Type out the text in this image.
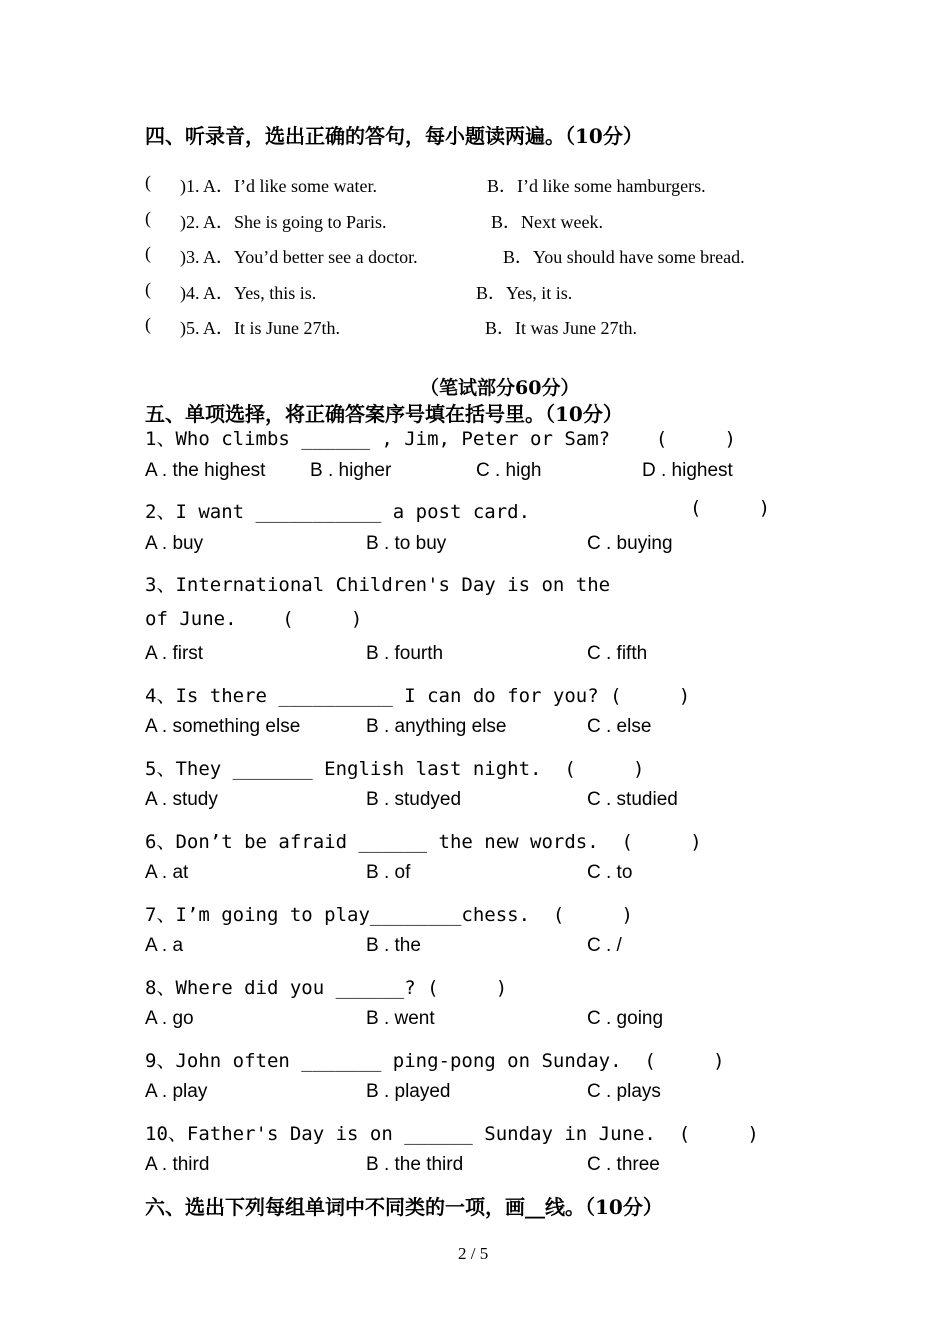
四、听录音，选出正确的答句，每小题读两遍。（10分）
( )1. A．I’d like some water.	B．I’d like some hamburgers.
( )2. A．She is going to Paris.	B．Next week.
( )3. A．You’d better see a doctor.	B．You should have some bread.
( )4. A．Yes, this is.	B．Yes, it is.
( )5. A．It is June 27th.	B．It was June 27th.
（笔试部分60分）
五、单项选择，将正确答案序号填在括号里。（10分）
1、Who climbs ______ , Jim, Peter or Sam?    (     )
A . the highest B . higher	C . high	D . highest
2、I want ___________ a post card.	(     )
A . buy	B . to buy	C . buying
3、International Children's Day is on the
of June.    (     )
A . first	B . fourth	C . fifth
4、Is there __________ I can do for you? (     )
A . something else	B . anything else	C . else
5、They _______ English last night.  (     )
A . study	B . studyed	C . studied
6、Don’t be afraid ______ the new words.  (     )
A . at	B . of	C . to
7、I’m going to play________chess.  (     )
A . a	B . the	C . /
8、Where did you ______? (     )
A . go	B . went	C . going
9、John often _______ ping-pong on Sunday.  (     )
A . play	B . played	C . plays
10、Father's Day is on ______ Sunday in June.  (     )
A . third	B . the third	C . three
六、选出下列每组单词中不同类的一项，画__线。（10分）
2 / 5
